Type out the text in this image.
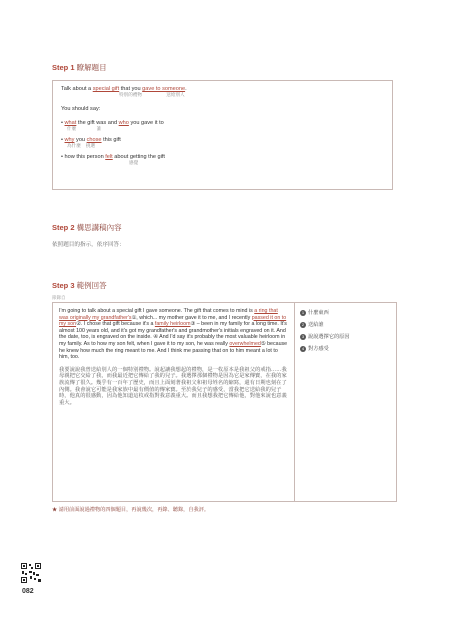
Step 1 瞭解題目

Talk about a special gift that you gave to someone.

特別的禮物                   送給別人

You should say:

• what the gift was and who you gave it to

什麼                誰

• why you chose this gift

為什麼    挑選

• how this person felt about getting the gift

感覺
Step 2 構思講稿內容
依照題目的指示，依序回答：
Step 3 範例回答
節錄自

I'm going to talk about a special gift I gave someone. The gift that comes to mind is a ring that was originally my grandfather's①, which... my mother gave it to me, and I recently passed it on to my son②. I chose that gift because it's a family heirloom③ – been in my family for a long time. It's almost 100 years old, and it's got my grandfather's and grandmother's initials engraved on it. And the date, too, is engraved on the inside. ④ And I'd say it's probably the most valuable heirloom in my family. As to how my son felt, when I gave it to my son, he was really overwhelmed⑤ because he knew how much the ring meant to me. And I think me passing that on to him meant a lot to him, too.

我要說說我曾送給別人的一個特別禮物。說起讓我想起的禮物，是一枚原本是我祖父的戒指……我母親把它交給了我，而我最近把它傳給了我的兒子。我選擇那個禮物是因為它是家傳寶，在我的家族流傳了很久。幾乎有一百年了歷史，而且上面刻著我祖父和祖母姓名的縮寫，還有日期也刻在了內側。我會說它可能是我家族中最有價值的傳家寶。至於我兒子的感受，當我把它送給我的兒子時，他真的很感動，因為他知道這枚戒指對我意義重大。而且我想我把它傳給他，對他來說也意義重大。

1 什麼東西
2 送給誰
3 說說選擇它的原因
4 對方感受
★ 請用前面說過禮物的四個題目，再說幾次，再錄、聽錄，自我評。
082
